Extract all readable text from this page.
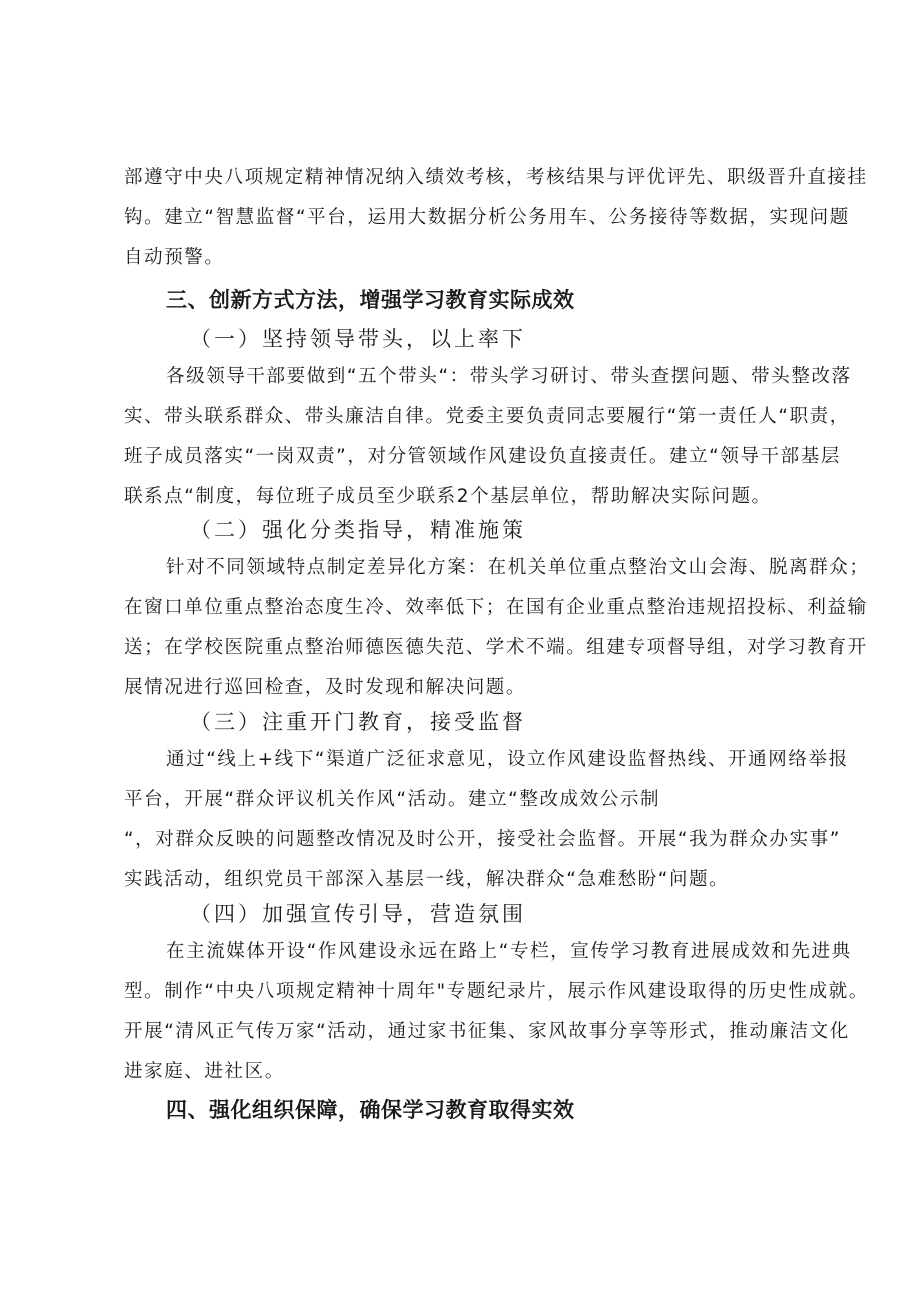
部遵守中央八项规定精神情况纳入绩效考核，考核结果与评优评先、职级晋升直接挂
钩。建立“智慧监督“平台，运用大数据分析公务用车、公务接待等数据，实现问题
自动预警。
三、创新方式方法，增强学习教育实际成效
（一）坚持领导带头，以上率下
各级领导干部要做到“五个带头“：带头学习研讨、带头查摆问题、带头整改落
实、带头联系群众、带头廉洁自律。党委主要负责同志要履行“第一责任人“职责，
班子成员落实“一岗双责”，对分管领域作风建设负直接责任。建立“领导干部基层
联系点“制度，每位班子成员至少联系2个基层单位，帮助解决实际问题。
（二）强化分类指导，精准施策
针对不同领域特点制定差异化方案：在机关单位重点整治文山会海、脱离群众；
在窗口单位重点整治态度生冷、效率低下；在国有企业重点整治违规招投标、利益输
送；在学校医院重点整治师德医德失范、学术不端。组建专项督导组，对学习教育开
展情况进行巡回检查，及时发现和解决问题。
（三）注重开门教育，接受监督
通过“线上+线下“渠道广泛征求意见，设立作风建设监督热线、开通网络举报
平台，开展“群众评议机关作风“活动。建立“整改成效公示制
“，对群众反映的问题整改情况及时公开，接受社会监督。开展“我为群众办实事”
实践活动，组织党员干部深入基层一线，解决群众“急难愁盼“问题。
（四）加强宣传引导，营造氛围
在主流媒体开设“作风建设永远在路上“专栏，宣传学习教育进展成效和先进典
型。制作“中央八项规定精神十周年"专题纪录片，展示作风建设取得的历史性成就。
开展“清风正气传万家“活动，通过家书征集、家风故事分享等形式，推动廉洁文化
进家庭、进社区。
四、强化组织保障，确保学习教育取得实效
